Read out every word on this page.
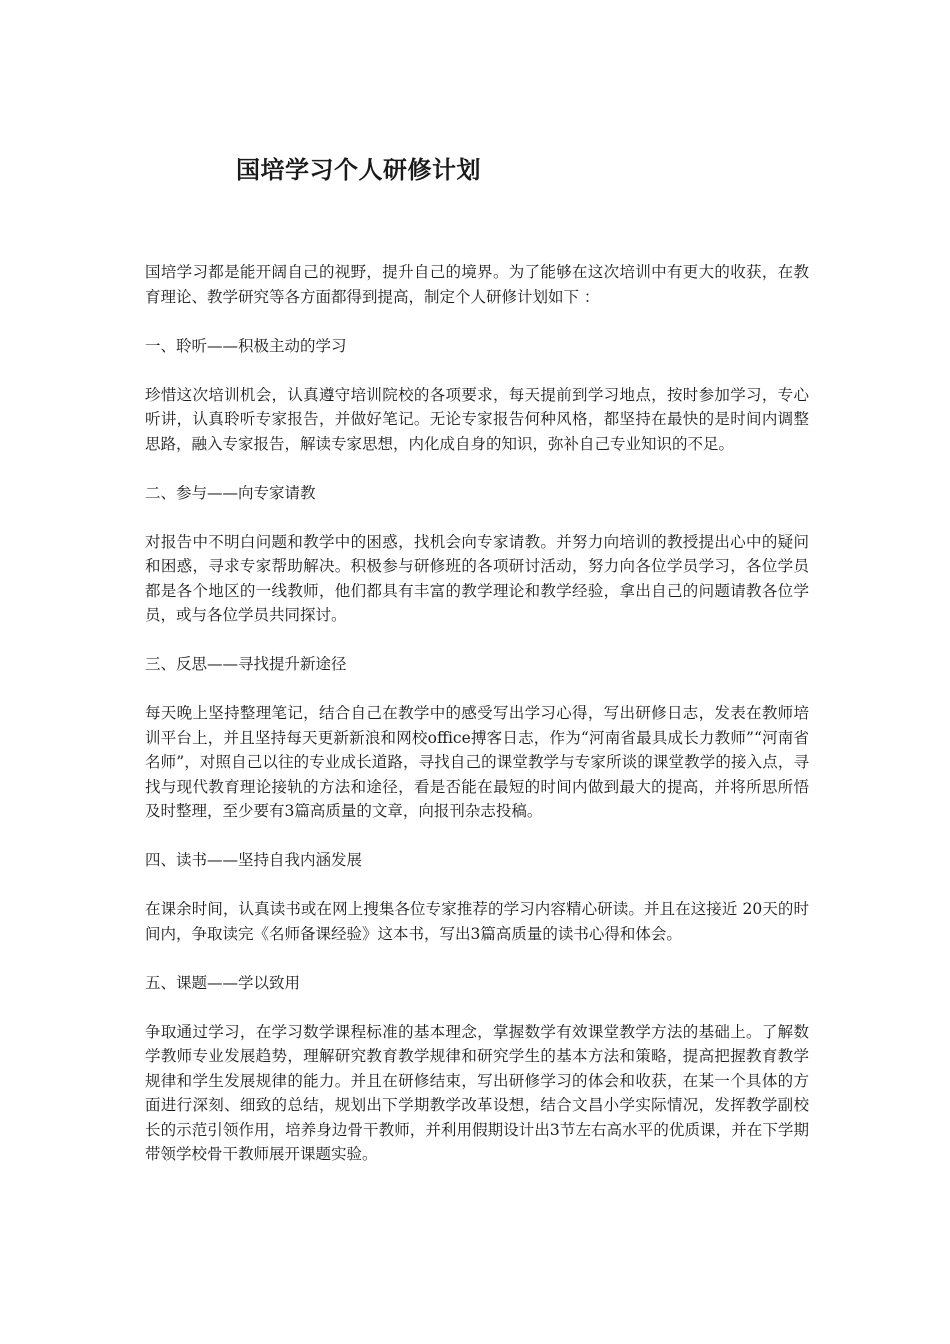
国培学习个人研修计划

国培学习都是能开阔自己的视野，提升自己的境界。为了能够在这次培训中有更大的收获，在教育理论、教学研究等各方面都得到提高，制定个人研修计划如下 ：

一、聆听——积极主动的学习

珍惜这次培训机会，认真遵守培训院校的各项要求，每天提前到学习地点，按时参加学习，专心听讲，认真聆听专家报告，并做好笔记。无论专家报告何种风格，都坚持在最快的是时间内调整思路，融入专家报告，解读专家思想，内化成自身的知识，弥补自己专业知识的不足。

二、参与——向专家请教

对报告中不明白问题和教学中的困惑，找机会向专家请教。并努力向培训的教授提出心中的疑问和困惑，寻求专家帮助解决。积极参与研修班的各项研讨活动，努力向各位学员学习，各位学员都是各个地区的一线教师，他们都具有丰富的教学理论和教学经验，拿出自己的问题请教各位学员，或与各位学员共同探讨。

三、反思——寻找提升新途径

每天晚上坚持整理笔记，结合自己在教学中的感受写出学习心得，写出研修日志，发表在教师培训平台上，并且坚持每天更新新浪和网校office搏客日志，作为“河南省最具成长力教师”“河南省名师”，对照自己以往的专业成长道路，寻找自己的课堂教学与专家所谈的课堂教学的接入点，寻找与现代教育理论接轨的方法和途径，看是否能在最短的时间内做到最大的提高，并将所思所悟及时整理，至少要有3篇高质量的文章，向报刊杂志投稿。

四、读书——坚持自我内涵发展

在课余时间，认真读书或在网上搜集各位专家推荐的学习内容精心研读。并且在这接近 20天的时间内，争取读完《名师备课经验》这本书，写出3篇高质量的读书心得和体会。

五、课题——学以致用

争取通过学习，在学习数学课程标准的基本理念，掌握数学有效课堂教学方法的基础上。了解数学教师专业发展趋势，理解研究教育教学规律和研究学生的基本方法和策略，提高把握教育教学规律和学生发展规律的能力。并且在研修结束，写出研修学习的体会和收获，在某一个具体的方面进行深刻、细致的总结，规划出下学期教学改革设想，结合文昌小学实际情况，发挥教学副校长的示范引领作用，培养身边骨干教师，并利用假期设计出3节左右高水平的优质课，并在下学期带领学校骨干教师展开课题实验。
